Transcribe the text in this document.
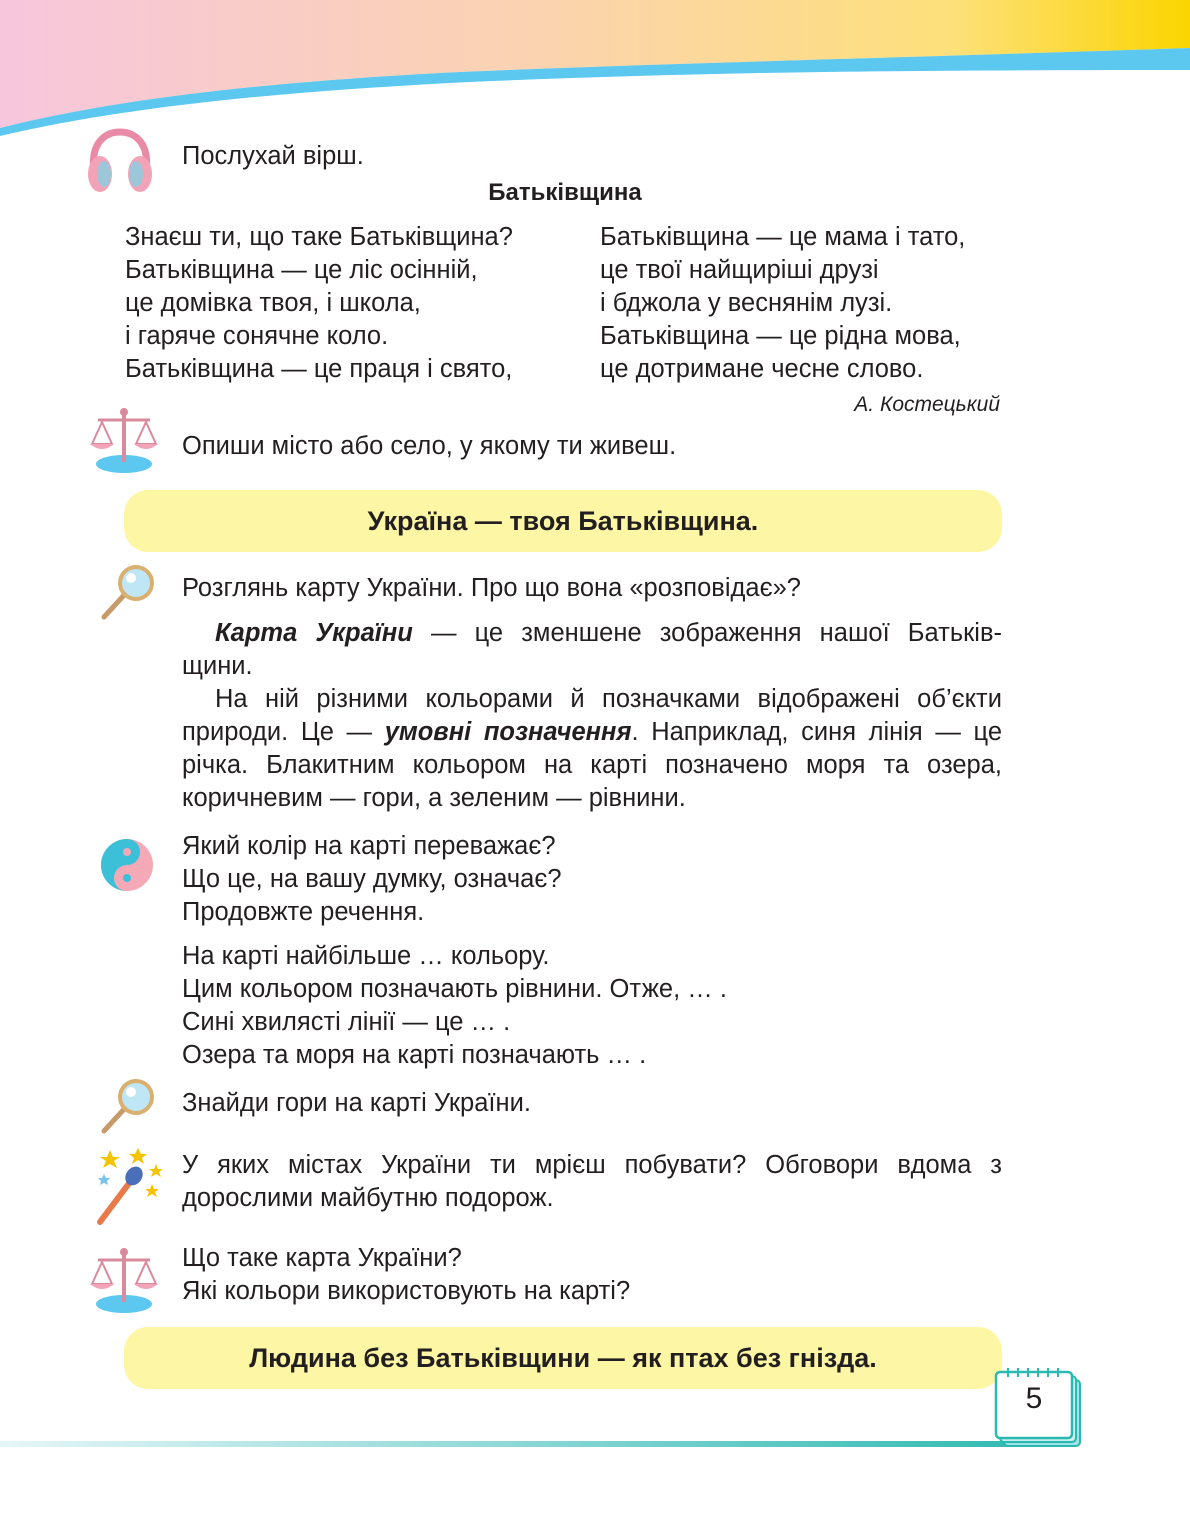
Послухай вірш.

Батьківщина

Знаєш ти, що таке Батьківщина?
Батьківщина — це ліс осінній,
це домівка твоя, і школа,
і гаряче сонячне коло.
Батьківщина — це праця і свято,
Батьківщина — це мама і тато,
це твої найщиріші друзі
і бджола у веснянім лузі.
Батьківщина — це рідна мова,
це дотримане чесне слово.

А. Костецький

Опиши місто або село, у якому ти живеш.

Україна — твоя Батьківщина.

Розглянь карту України. Про що вона «розповідає»?

Карта України — це зменшене зображення нашої Батьків-
щини.
На ній різними кольорами й позначками відображені об’єкти
природи. Це — умовні позначення. Наприклад, синя лінія — це
річка. Блакитним кольором на карті позначено моря та озера,
коричневим — гори, а зеленим — рівнини.
Який колір на карті переважає?
Що це, на вашу думку, означає?
Продовжте речення.
На карті найбільше … кольору.
Цим кольором позначають рівнини. Отже, … .
Сині хвилясті лінії — це … .
Озера та моря на карті позначають … .

Знайди гори на карті України.

У яких містах України ти мрієш побувати? Обговори вдома з
дорослими майбутню подорож.
Що таке карта України?
Які кольори використовують на карті?
Людина без Батьківщини — як птах без гнізда.
5
